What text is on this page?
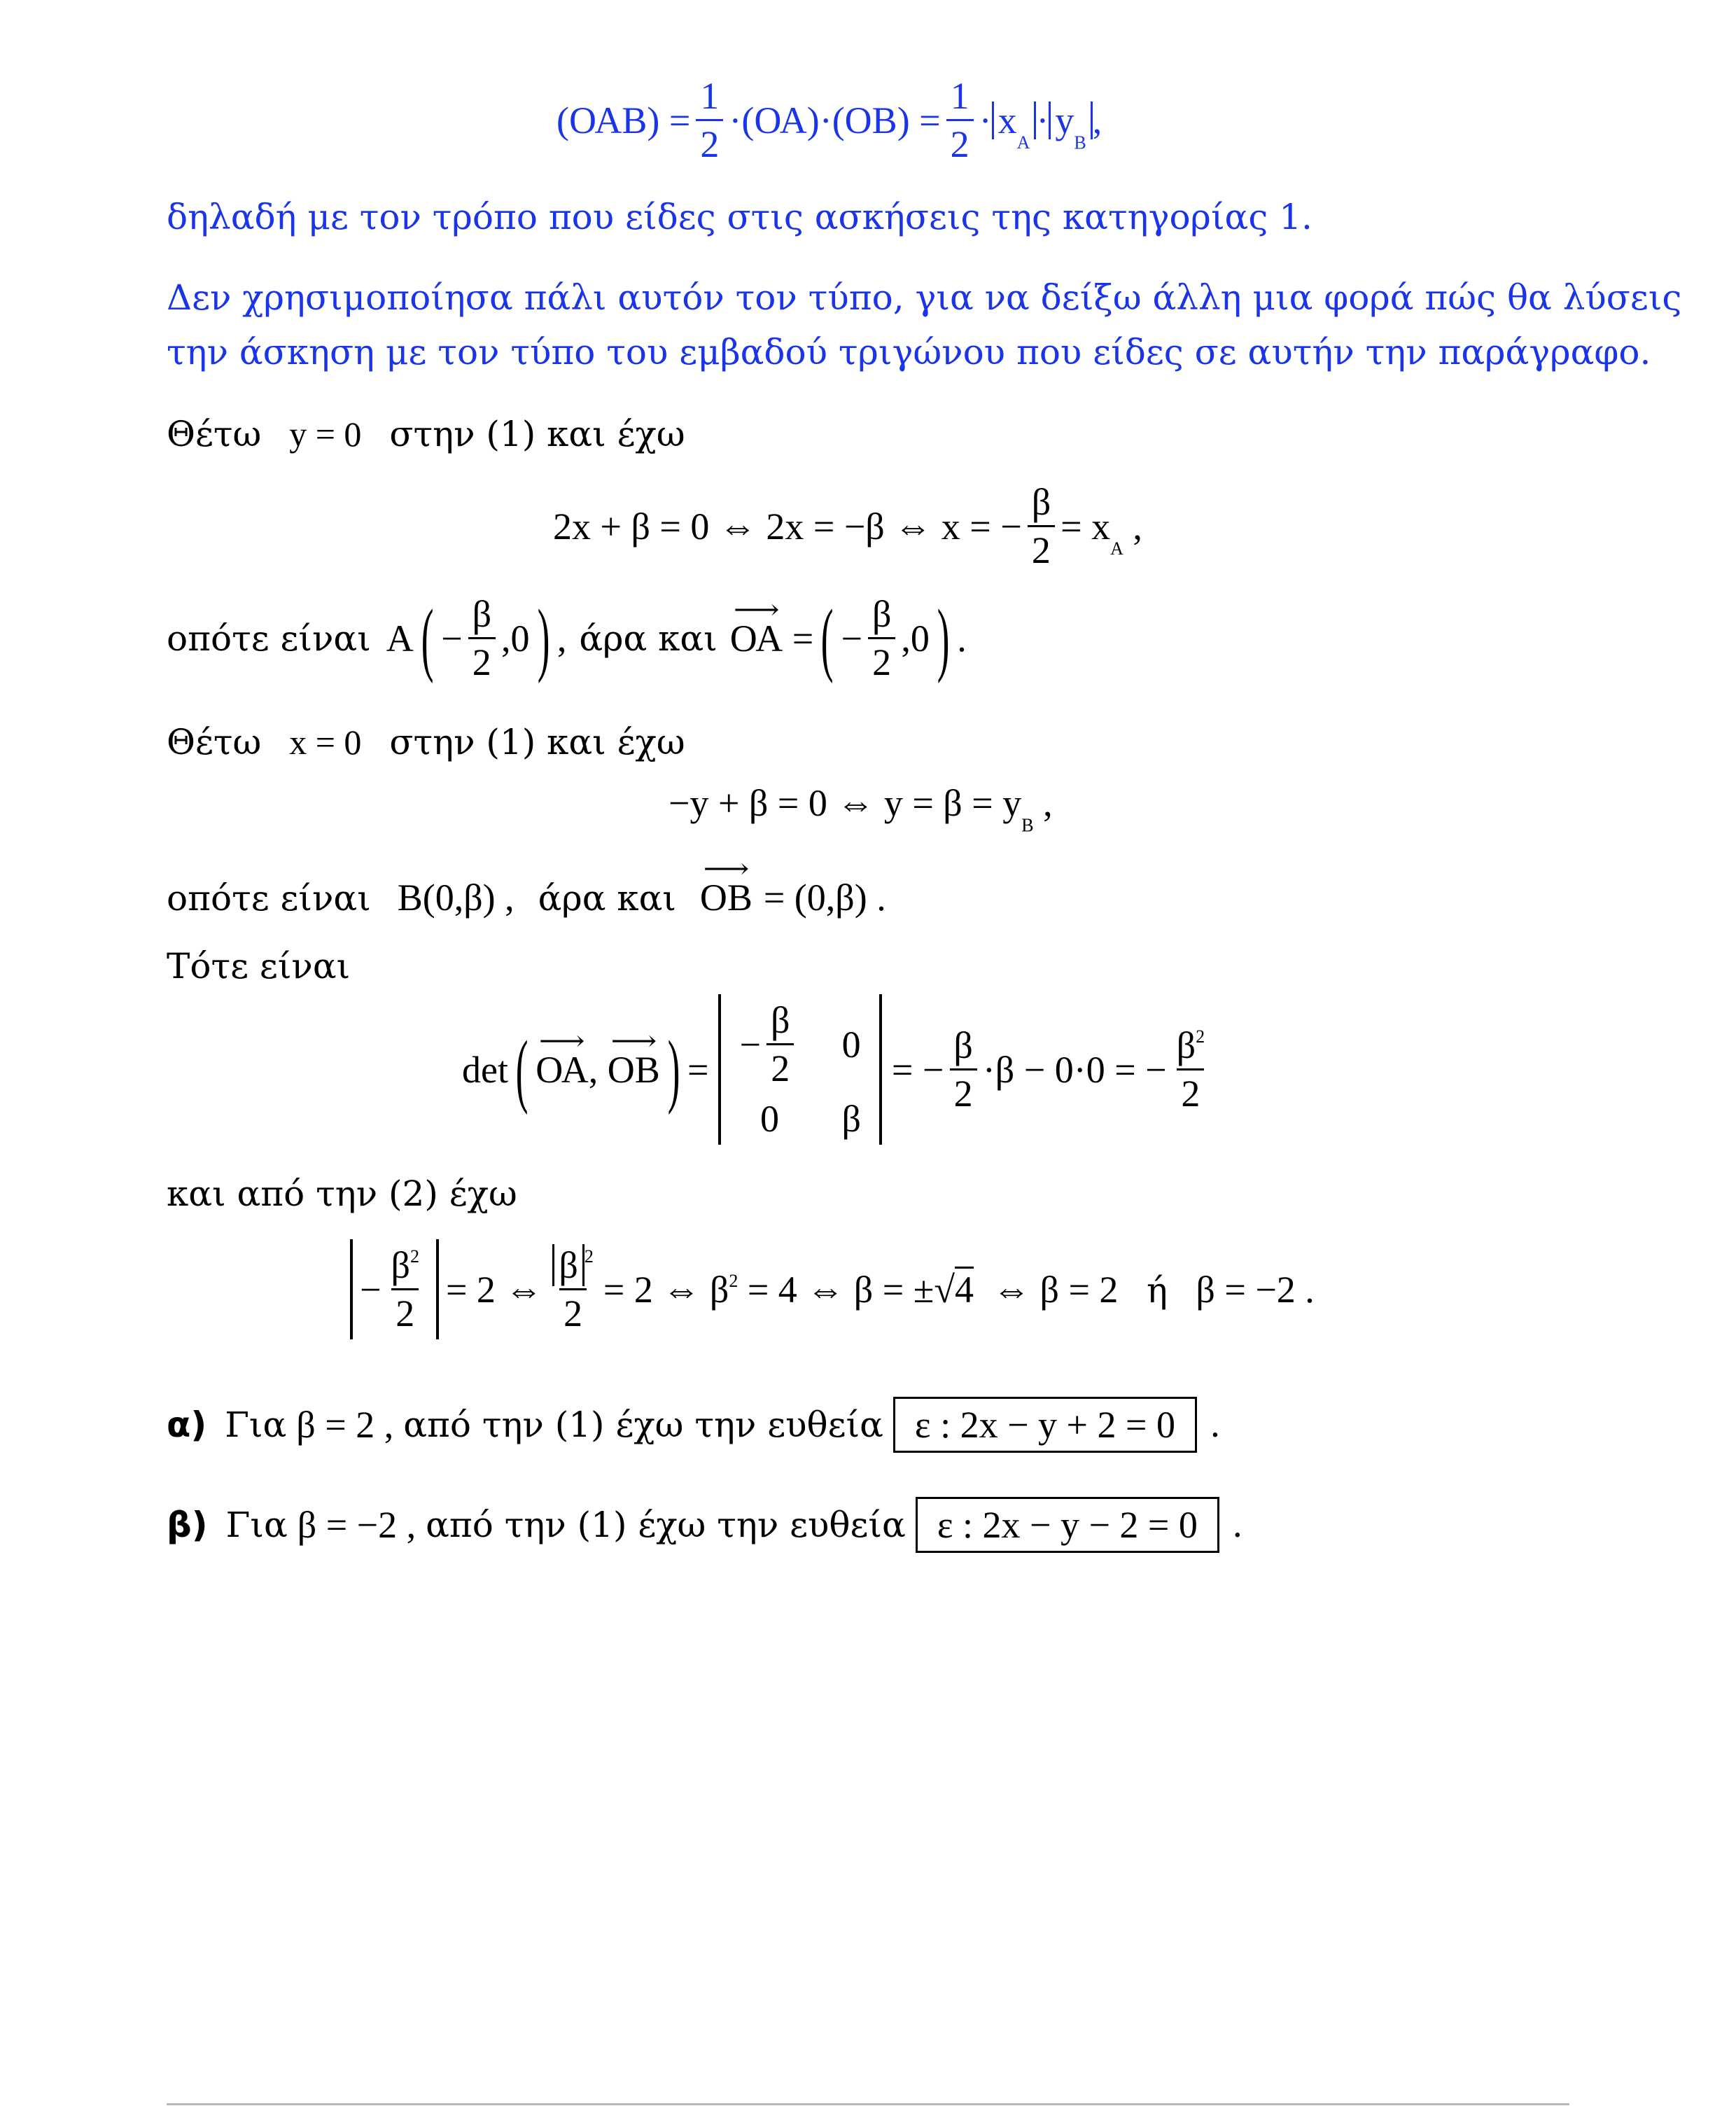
$(OAB) = \frac{1}{2} \cdot(OA)\cdot(OB) = \frac{1}{2} \cdot x_A$
· $y_B$
,
δηλαδή με τον τρόπο που είδες στις ασκήσεις της κατηγορίας 1.
Δεν χρησιμοποίησα πάλι αυτόν τον τύπο, για να δείξω άλλη μια φορά πώς θα λύσεις
την άσκηση με τον τύπο του εμβαδού τριγώνου που είδες σε αυτήν την παράγραφο.
Θέτω y = 0 στην (1) και έχω
2x + β = 0 ⇔ 2x = −β ⇔ x = − $\frac{\beta}{2} = x_A$ ,
οπότε είναι Α ( − $\frac{\beta}{2} ,0$ ) , άρα και ΟΑ ⟶ = ( − $\frac{\beta}{2} ,0$ ) .
Θέτω x = 0 στην (1) και έχω
−y + β = 0 ⇔ $y = \beta = y_B$ ,
οπότε είναι Β(0,β) , άρα και ΟΒ ⟶ = (0,β) .
Τότε είναι
det ( ΟΑ ⟶ , ΟΒ ⟶ ) =
− $\frac{\beta}{2} 0$
0 β
= − $\frac{\beta}{2} \cdot\beta - 0\cdot 0$ = − $\frac{\beta^2}{2}$
και από την (2) έχω
− $\frac{\beta^2}{2} = 2$ ⇔ $\frac{\beta ^2}{2} = 2$ ⇔ $\beta^2 = 4$ ⇔ β = ±√4  ⇔ β = 2   ή   β = −2 .
α) Για β = 2 , από την (1) έχω την ευθεία ε : 2x − y + 2 = 0 .
β) Για β = −2 , από την (1) έχω την ευθεία ε : 2x − y − 2 = 0 .
